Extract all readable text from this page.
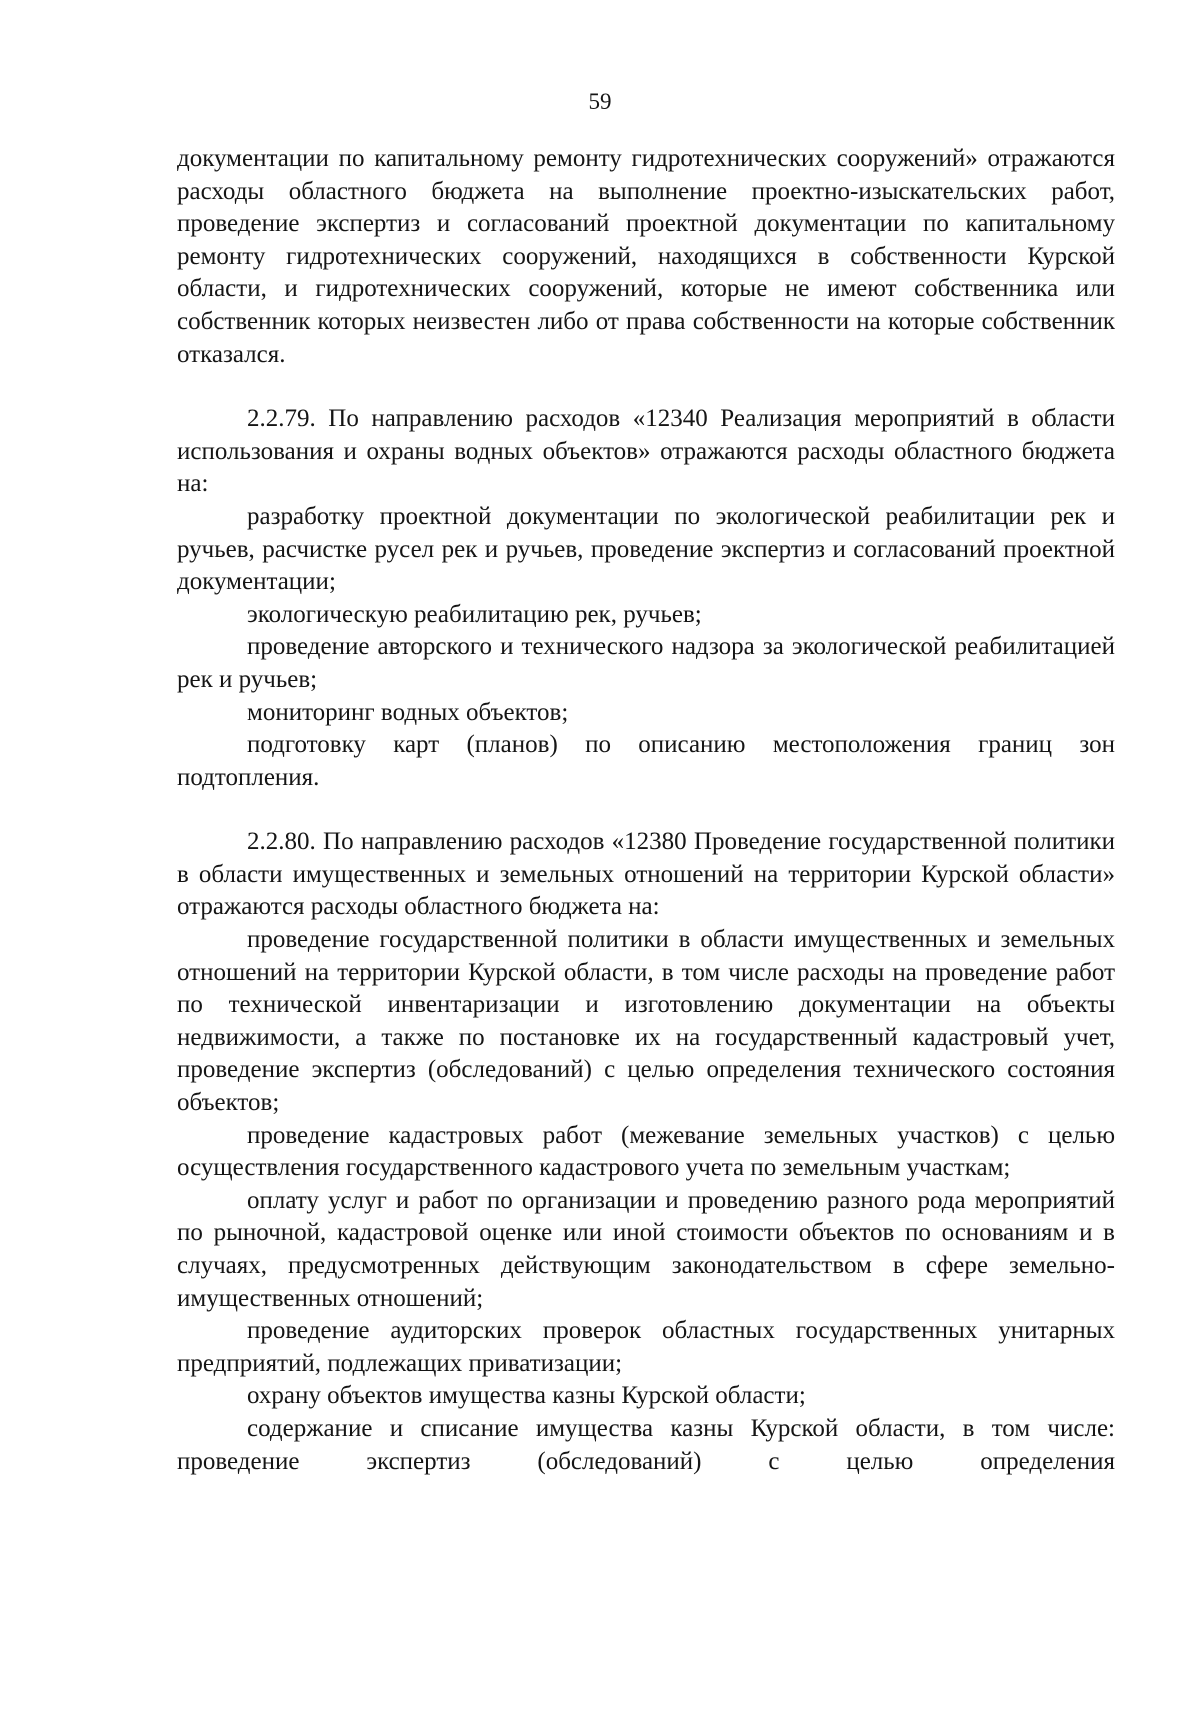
59

документации по капитальному ремонту гидротехнических сооружений» отражаются расходы областного бюджета на выполнение проектно-изыскательских работ, проведение экспертиз и согласований проектной документации по капитальному ремонту гидротехнических сооружений, находящихся в собственности Курской области, и гидротехнических сооружений, которые не имеют собственника или собственник которых неизвестен либо от права собственности на которые собственник отказался.

2.2.79. По направлению расходов «12340 Реализация мероприятий в области использования и охраны водных объектов» отражаются расходы областного бюджета на:

разработку проектной документации по экологической реабилитации рек и ручьев, расчистке русел рек и ручьев, проведение экспертиз и согласований проектной документации;

экологическую реабилитацию рек, ручьев;

проведение авторского и технического надзора за экологической реабилитацией рек и ручьев;

мониторинг водных объектов;

подготовку карт (планов) по описанию местоположения границ зон подтопления.

2.2.80. По направлению расходов «12380 Проведение государственной политики в области имущественных и земельных отношений на территории Курской области» отражаются расходы областного бюджета на:

проведение государственной политики в области имущественных и земельных отношений на территории Курской области, в том числе расходы на проведение работ по технической инвентаризации и изготовлению документации на объекты недвижимости, а также по постановке их на государственный кадастровый учет, проведение экспертиз (обследований) с целью определения технического состояния объектов;

проведение кадастровых работ (межевание земельных участков) с целью осуществления государственного кадастрового учета по земельным участкам;

оплату услуг и работ по организации и проведению разного рода мероприятий по рыночной, кадастровой оценке или иной стоимости объектов по основаниям и в случаях, предусмотренных действующим законодательством в сфере земельно-имущественных отношений;

проведение аудиторских проверок областных государственных унитарных предприятий, подлежащих приватизации;

охрану объектов имущества казны Курской области;

содержание и списание имущества казны Курской области, в том числе: проведение экспертиз (обследований) с целью определения
